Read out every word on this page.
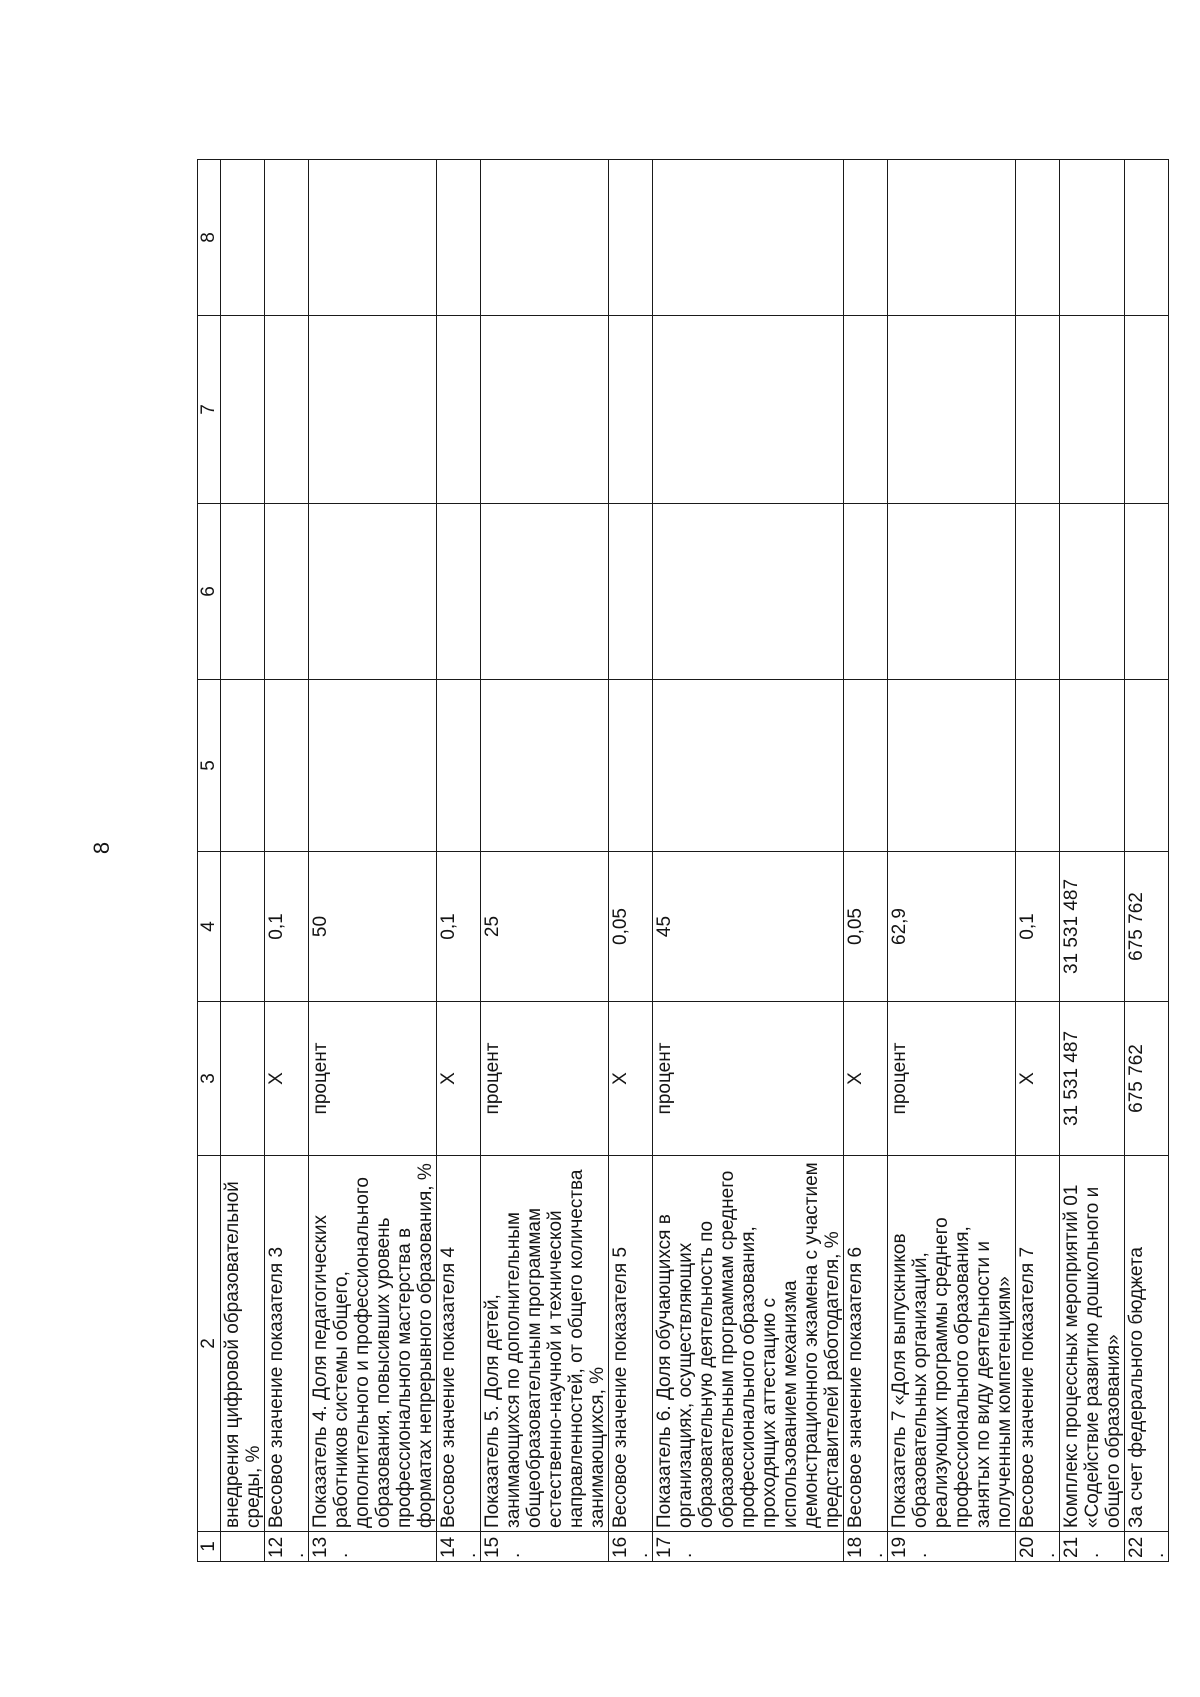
8
1	2	3	4	5	6	7	8
	внедрения цифровой образовательной среды, %						
12.	Весовое значение показателя 3	X	0,1				
13.	Показатель 4. Доля педагогических работников системы общего, дополнительного и профессионального образования, повысивших уровень профессионального мастерства в форматах непрерывного образования, %	процент	50				
14.	Весовое значение показателя 4	X	0,1				
15.	Показатель 5. Доля детей, занимающихся по дополнительным общеобразовательным программам естественно-научной и технической направленностей, от общего количества занимающихся, %	процент	25				
16.	Весовое значение показателя 5	X	0,05				
17.	Показатель 6. Доля обучающихся в организациях, осуществляющих образовательную деятельность по образовательным программам среднего профессионального образования, проходящих аттестацию с использованием механизма демонстрационного экзамена с участием представителей работодателя, %	процент	45				
18.	Весовое значение показателя 6	X	0,05				
19.	Показатель 7 «Доля выпускников образовательных организаций, реализующих программы среднего профессионального образования, занятых по виду деятельности и полученным компетенциям»	процент	62,9				
20.	Весовое значение показателя 7	X	0,1				
21.	Комплекс процессных мероприятий 01 «Содействие развитию дошкольного и общего образования»	31 531 487	31 531 487				
22.	За счет федерального бюджета	675 762	675 762				
